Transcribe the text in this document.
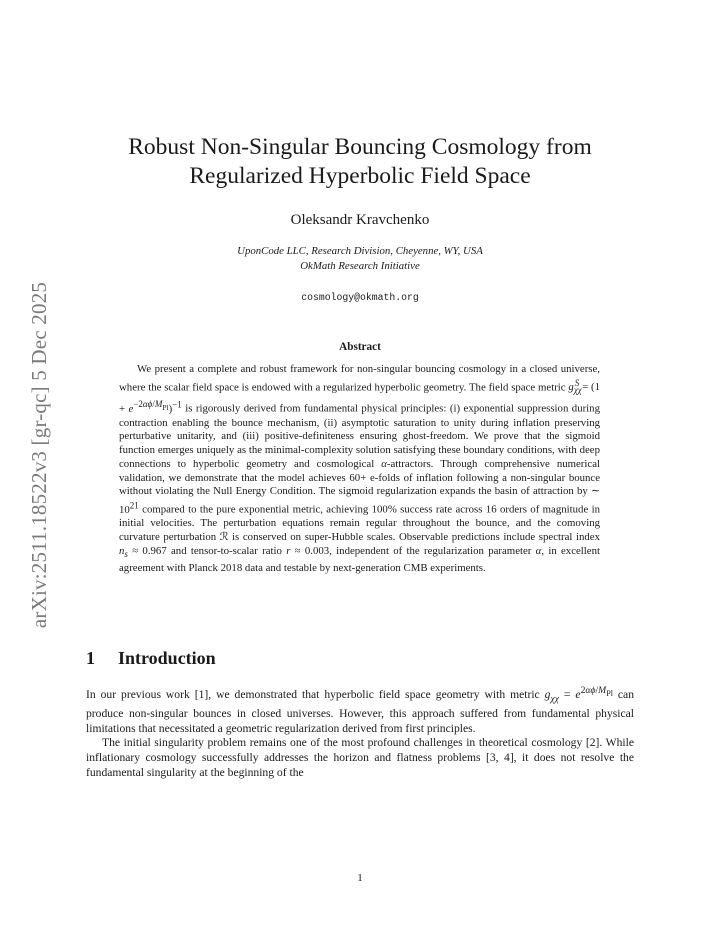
arXiv:2511.18522v3 [gr-qc] 5 Dec 2025
Robust Non-Singular Bouncing Cosmology from
Regularized Hyperbolic Field Space
Oleksandr Kravchenko
UponCode LLC, Research Division, Cheyenne, WY, USA
OkMath Research Initiative
cosmology@okmath.org
Abstract
We present a complete and robust framework for non-singular bouncing cosmology in a closed universe, where the scalar field space is endowed with a regularized hyperbolic geometry. The field space metric $g_{\chi\chi}^S = (1 + e^{-2\alpha\phi/M_{Pl}})^{-1}$ is rigorously derived from fundamental physical principles: (i) exponential suppression during contraction enabling the bounce mechanism, (ii) asymptotic saturation to unity during inflation preserving perturbative unitarity, and (iii) positive-definiteness ensuring ghost-freedom. We prove that the sigmoid function emerges uniquely as the minimal-complexity solution satisfying these boundary conditions, with deep connections to hyperbolic geometry and cosmological α-attractors. Through comprehensive numerical validation, we demonstrate that the model achieves 60+ e-folds of inflation following a non-singular bounce without violating the Null Energy Condition. The sigmoid regularization expands the basin of attraction by ∼ $10^{21}$ compared to the pure exponential metric, achieving 100% success rate across 16 orders of magnitude in initial velocities. The perturbation equations remain regular throughout the bounce, and the comoving curvature perturbation ℛ is conserved on super-Hubble scales. Observable predictions include spectral index $n_s \approx 0.967$ and tensor-to-scalar ratio r ≈ 0.003, independent of the regularization parameter α, in excellent agreement with Planck 2018 data and testable by next-generation CMB experiments.
1 Introduction

In our previous work [1], we demonstrated that hyperbolic field space geometry with metric $g_{\chi\chi} = e^{2\alpha\phi/M_{Pl}}$ can produce non-singular bounces in closed universes. However, this approach suffered from fundamental physical limitations that necessitated a geometric regularization derived from first principles.

The initial singularity problem remains one of the most profound challenges in theoretical cosmology [2]. While inflationary cosmology successfully addresses the horizon and flatness problems [3, 4], it does not resolve the fundamental singularity at the beginning of the

1
